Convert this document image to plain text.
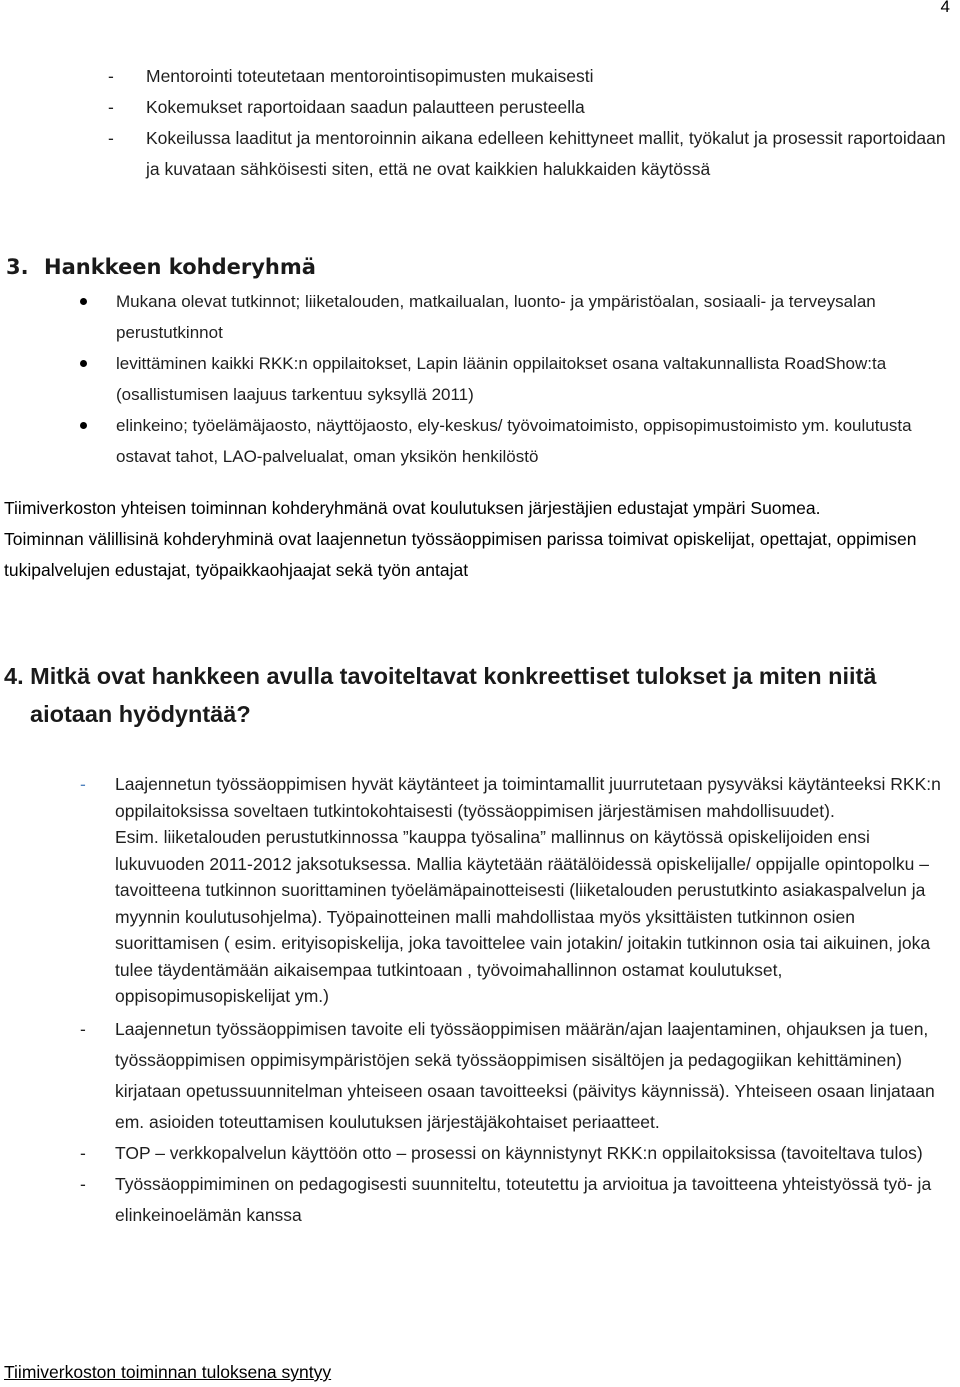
4
- Mentorointi toteutetaan mentorointisopimusten mukaisesti
- Kokemukset raportoidaan saadun palautteen perusteella
- Kokeilussa laaditut ja mentoroinnin aikana edelleen kehittyneet mallit, työkalut ja prosessit raportoidaan ja kuvataan sähköisesti siten, että ne ovat kaikkien halukkaiden käytössä
3. Hankkeen kohderyhmä
Mukana olevat tutkinnot; liiketalouden, matkailualan, luonto- ja ympäristöalan, sosiaali- ja terveysalan perustutkinnot
levittäminen kaikki RKK:n oppilaitokset, Lapin läänin oppilaitokset osana valtakunnallista RoadShow:ta (osallistumisen laajuus tarkentuu syksyllä 2011)
elinkeino; työelämäjaosto, näyttöjaosto, ely-keskus/ työvoimatoimisto, oppisopimustoimisto ym. koulutusta ostavat tahot, LAO-palvelualat, oman yksikön henkilöstö

Tiimiverkoston yhteisen toiminnan kohderyhmänä ovat koulutuksen järjestäjien edustajat ympäri Suomea.

Toiminnan välillisinä kohderyhminä ovat laajennetun työssäoppimisen parissa toimivat opiskelijat, opettajat, oppimisen tukipalvelujen edustajat, työpaikkaohjaajat sekä työn antajat

4. Mitkä ovat hankkeen avulla tavoiteltavat konkreettiset tulokset ja miten niitä
aiotaan hyödyntää?
- Laajennetun työssäoppimisen hyvät käytänteet ja toimintamallit juurrutetaan pysyväksi käytänteeksi RKK:n oppilaitoksissa soveltaen tutkintokohtaisesti (työssäoppimisen järjestämisen mahdollisuudet).
Esim. liiketalouden perustutkinnossa ”kauppa työsalina” mallinnus on käytössä opiskelijoiden ensi lukuvuoden 2011-2012 jaksotuksessa. Mallia käytetään räätälöidessä opiskelijalle/ oppijalle opintopolku – tavoitteena tutkinnon suorittaminen työelämäpainotteisesti (liiketalouden perustutkinto asiakaspalvelun ja myynnin koulutusohjelma). Työpainotteinen malli mahdollistaa myös yksittäisten tutkinnon osien suorittamisen ( esim. erityisopiskelija, joka tavoittelee vain jotakin/ joitakin tutkinnon osia tai aikuinen, joka tulee täydentämään aikaisempaa tutkintoaan , työvoimahallinnon ostamat koulutukset, oppisopimusopiskelijat ym.)
- Laajennetun työssäoppimisen tavoite eli työssäoppimisen määrän/ajan laajentaminen, ohjauksen ja tuen, työssäoppimisen oppimisympäristöjen sekä työssäoppimisen sisältöjen ja pedagogiikan kehittäminen) kirjataan opetussuunnitelman yhteiseen osaan tavoitteeksi (päivitys käynnissä). Yhteiseen osaan linjataan em. asioiden toteuttamisen koulutuksen järjestäjäkohtaiset periaatteet.
- TOP – verkkopalvelun käyttöön otto – prosessi on käynnistynyt RKK:n oppilaitoksissa (tavoiteltava tulos)
- Työssäoppimiminen on pedagogisesti suunniteltu, toteutettu ja arvioitua ja tavoitteena yhteistyössä työ- ja elinkeinoelämän kanssa
Tiimiverkoston toiminnan tuloksena syntyy
